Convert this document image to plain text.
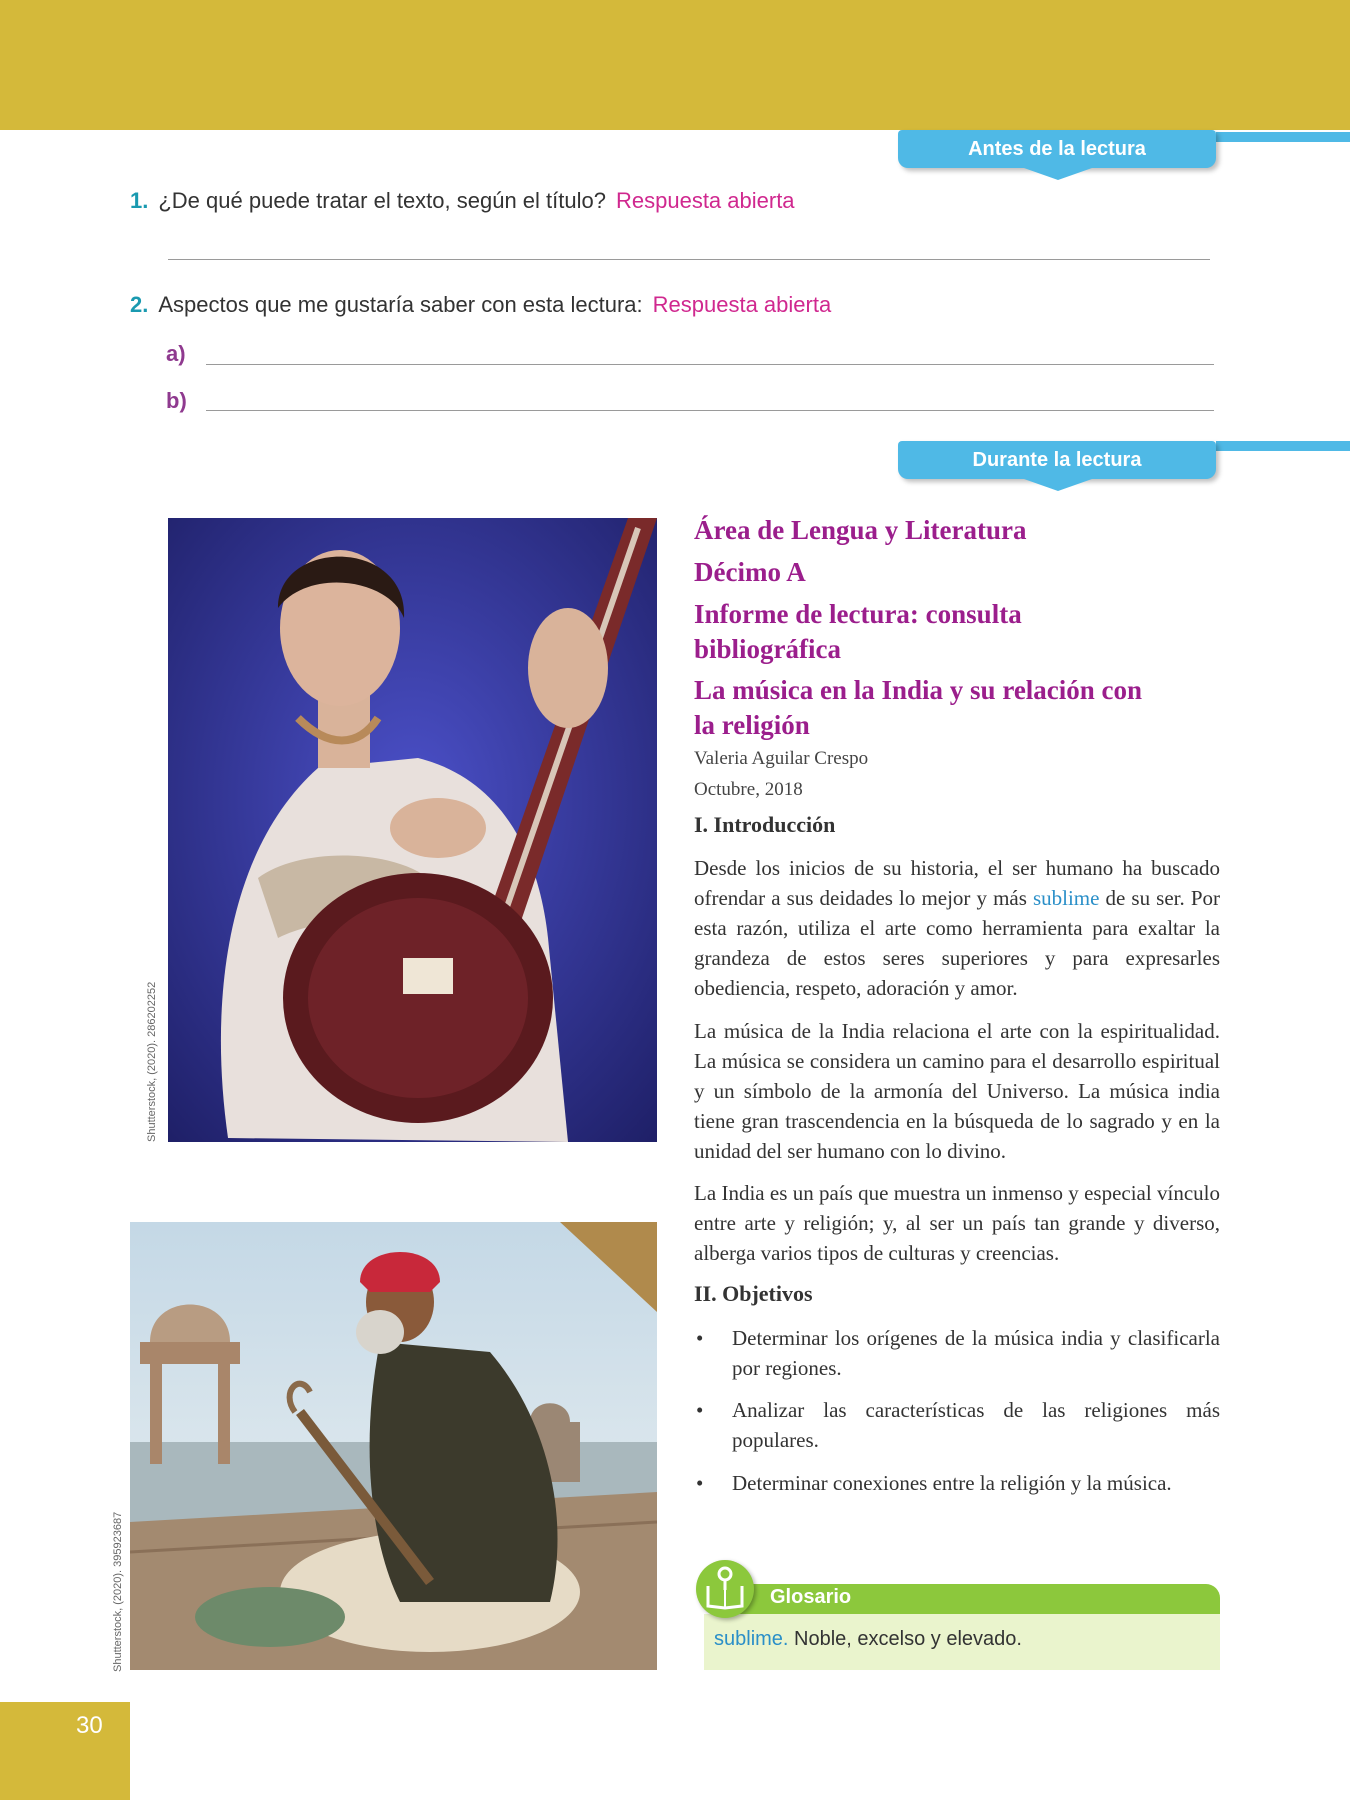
Antes de la lectura
1. ¿De qué puede tratar el texto, según el título? Respuesta abierta
2. Aspectos que me gustaría saber con esta lectura: Respuesta abierta
a)
b)
Durante la lectura
Shutterstock, (2020). 286202252
Shutterstock, (2020). 395923687
Área de Lengua y Literatura
Décimo A
Informe de lectura: consulta
bibliográfica
La música en la India y su relación con
la religión
Valeria Aguilar Crespo
Octubre, 2018
I. Introducción

Desde los inicios de su historia, el ser humano ha buscado ofrendar a sus deidades lo mejor y más sublime de su ser. Por esta razón, utiliza el arte como herramienta para exaltar la grandeza de estos seres superiores y para expresarles obediencia, respeto, adoración y amor.

La música de la India relaciona el arte con la espiritualidad. La música se considera un camino para el desarrollo espiritual y un símbolo de la armonía del Universo. La música india tiene gran trascendencia en la búsqueda de lo sagrado y en la unidad del ser humano con lo divino.

La India es un país que muestra un inmenso y especial vínculo entre arte y religión; y, al ser un país tan grande y diverso, alberga varios tipos de culturas y creencias.

II. Objetivos
• Determinar los orígenes de la música india y clasificarla por regiones.
• Analizar las características de las religiones más populares.
• Determinar conexiones entre la religión y la música.
Glosario
sublime. Noble, excelso y elevado.
30
